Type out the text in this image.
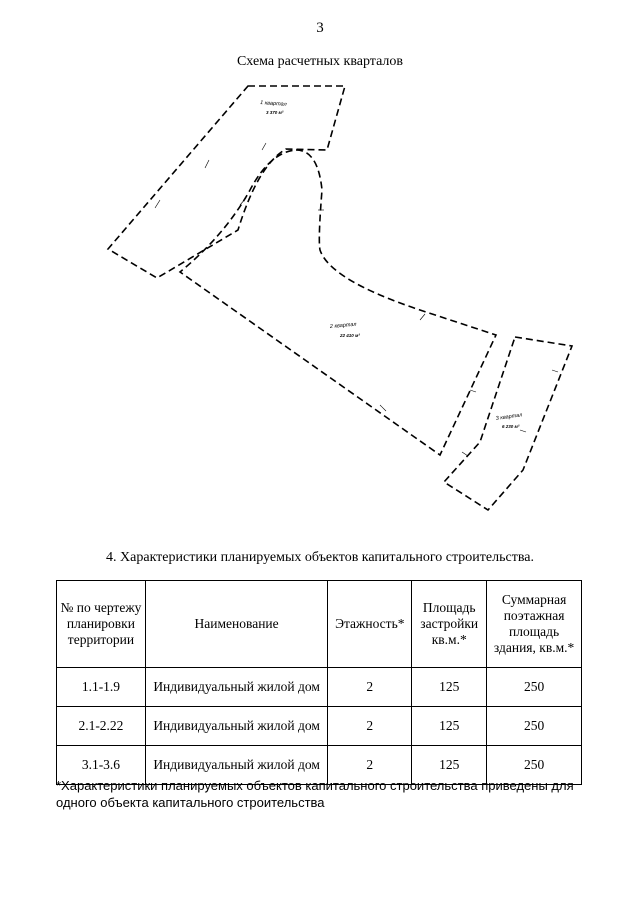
3
Схема расчетных кварталов
1 квартал
3 370 м²
2 квартал
22 410 м²
3 квартал
6 230 м²
4. Характеристики планируемых объектов капитального строительства.
№ по чертежу планировки территории	Наименование	Этажность*	Площадь застройки кв.м.*	Суммарная поэтажная площадь здания, кв.м.*
1.1-1.9	Индивидуальный жилой дом	2	125	250
2.1-2.22	Индивидуальный жилой дом	2	125	250
3.1-3.6	Индивидуальный жилой дом	2	125	250
*Характеристики планируемых объектов капитального строительства приведены для одного объекта капитального строительства
